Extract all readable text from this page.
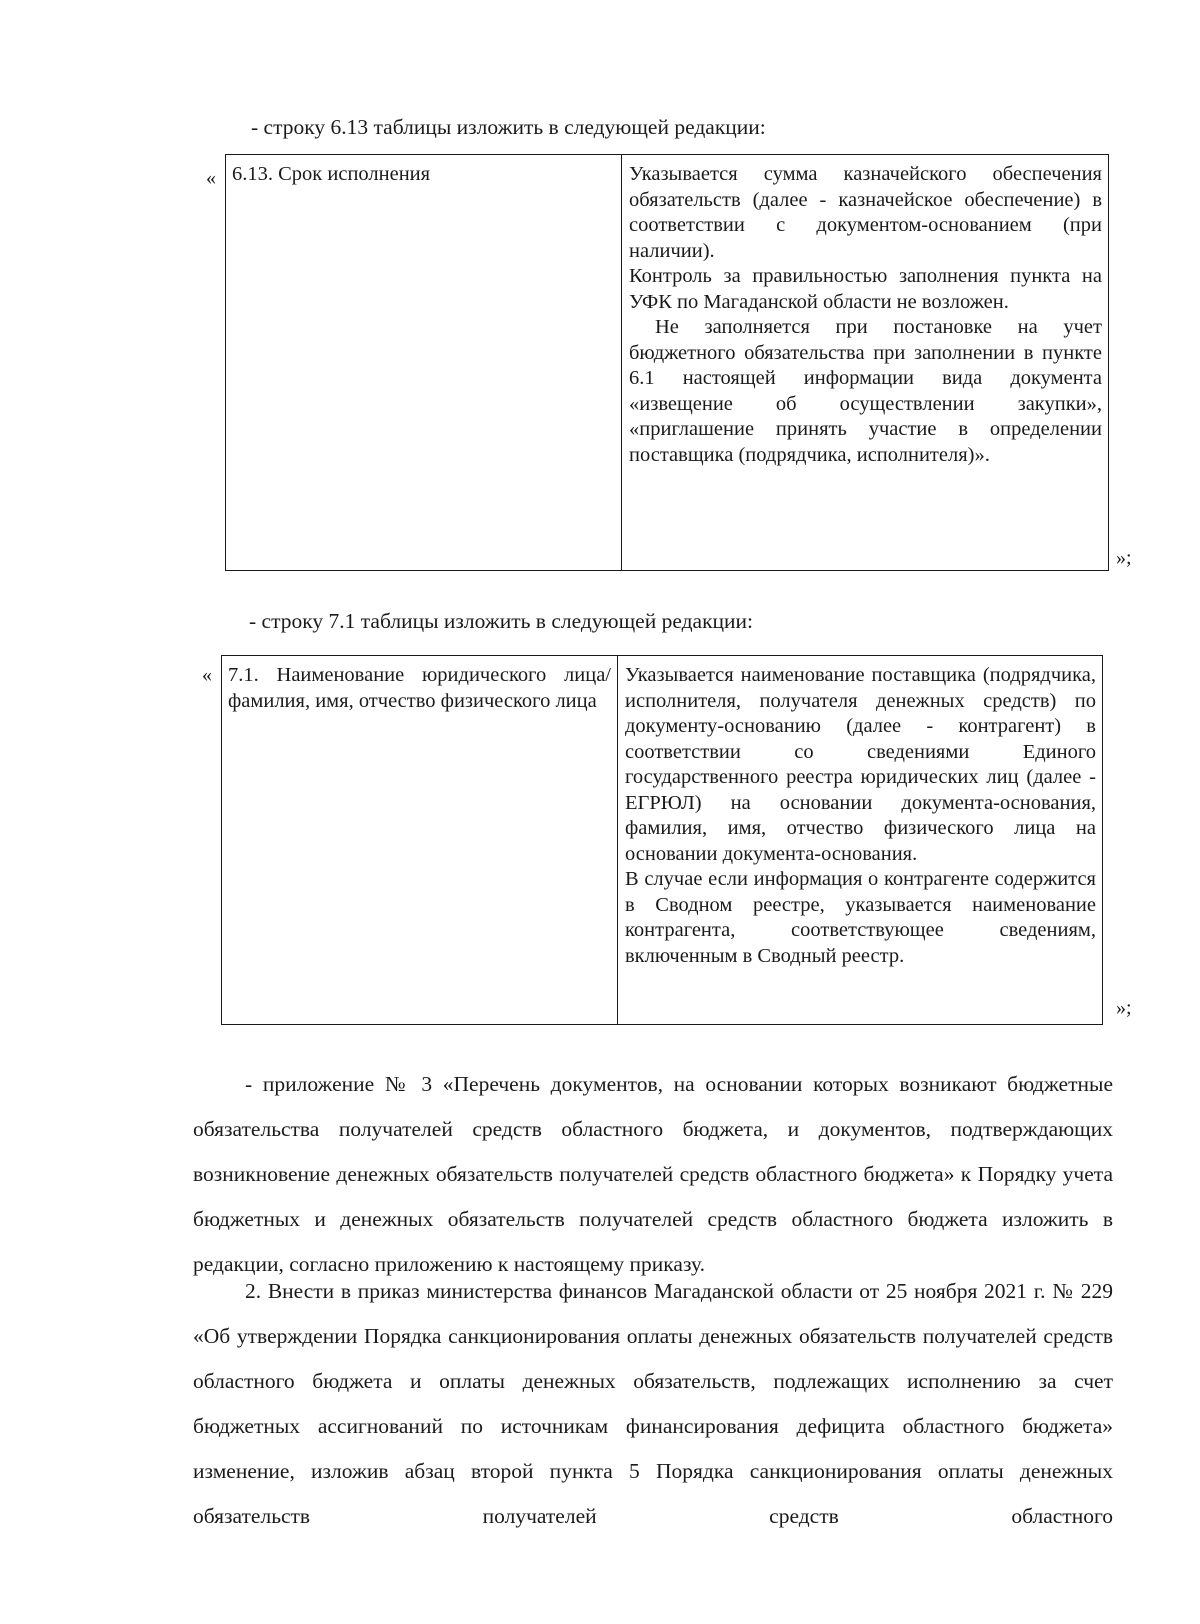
- строку 6.13 таблицы изложить в следующей редакции:
« 6.13. Срок исполнения	Указывается сумма казначейского обеспечения обязательств (далее - казначейское обеспечение) в соответствии с документом-основанием (при наличии).

Контроль за правильностью заполнения пункта на УФК по Магаданской области не возложен.

Не заполняется при постановке на учет бюджетного обязательства при заполнении в пункте 6.1 настоящей информации вида документа «извещение об осуществлении закупки», «приглашение принять участие в определении поставщика (подрядчика, исполнителя)».

»;
- строку 7.1 таблицы изложить в следующей редакции:
« 7.1. Наименование юридического лица/фамилия, имя, отчество физического лица

Указывается наименование поставщика (подрядчика, исполнителя, получателя денежных средств) по документу-основанию (далее - контрагент) в соответствии со сведениями Единого государственного реестра юридических лиц (далее - ЕГРЮЛ) на основании документа-основания, фамилия, имя, отчество физического лица на основании документа-основания.

В случае если информация о контрагенте содержится в Сводном реестре, указывается наименование контрагента, соответствующее сведениям, включенным в Сводный реестр.

»;

- приложение № 3 «Перечень документов, на основании которых возникают бюджетные обязательства получателей средств областного бюджета, и документов, подтверждающих возникновение денежных обязательств получателей средств областного бюджета» к Порядку учета бюджетных и денежных обязательств получателей средств областного бюджета изложить в редакции, согласно приложению к настоящему приказу.

2. Внести в приказ министерства финансов Магаданской области от 25 ноября 2021 г. № 229 «Об утверждении Порядка санкционирования оплаты денежных обязательств получателей средств областного бюджета и оплаты денежных обязательств, подлежащих исполнению за счет бюджетных ассигнований по источникам финансирования дефицита областного бюджета» изменение, изложив абзац второй пункта 5 Порядка санкционирования оплаты денежных обязательств получателей средств областного
